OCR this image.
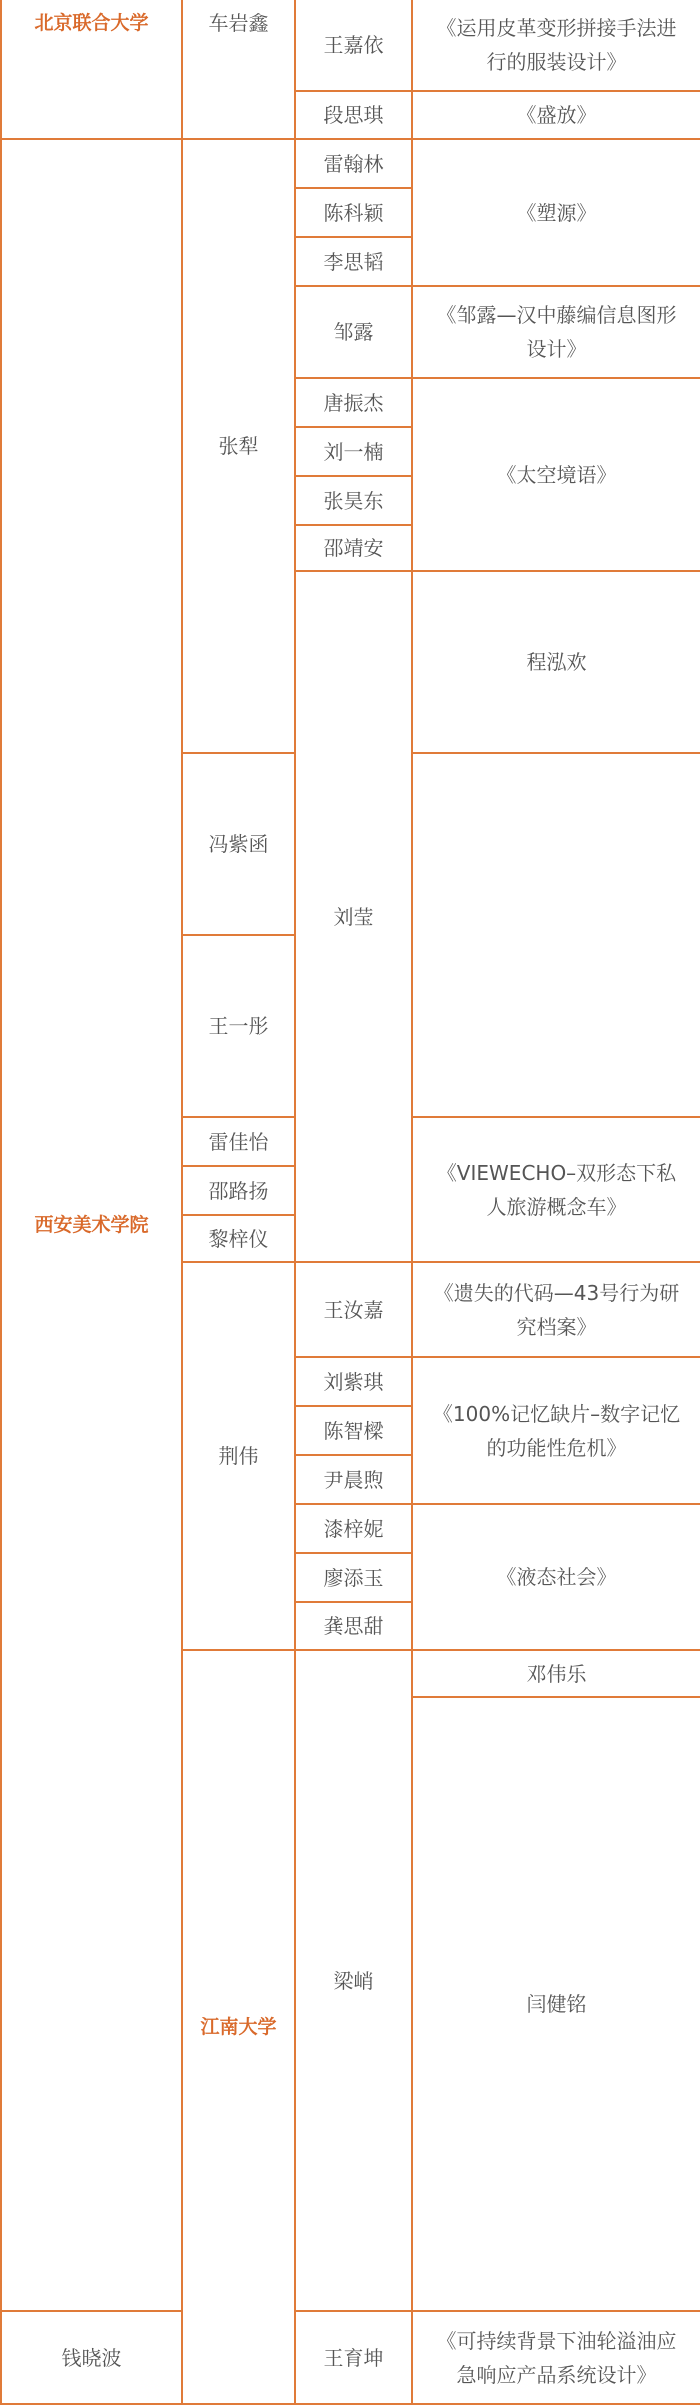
北京联合大学	车岩鑫	王嘉依	《运用皮革变形拼接手法进行的服装设计》	
		段思琪	《盛放》	
西安美术学院	张犁	雷翰林	《塑源》	
		陈科颖		
		李思韬		
		邹露	《邹露—汉中藤编信息图形设计》	
		唐振杰	《太空境语》	
		刘一楠		
		张昊东		
		邵靖安		
		刘莹	程泓欢	
	冯紫函			
	王一彤			
	雷佳怡		《VIEWECHO–双形态下私人旅游概念车》	
	邵路扬			
	黎梓仪			
	荆伟	王汝嘉	《遗失的代码—43号行为研究档案》	
		刘紫琪	《100%记忆缺片–数字记忆的功能性危机》	
		陈智樑		
		尹晨煦		
		漆梓妮	《液态社会》	
		廖添玉		
		龚思甜		
	江南大学	梁峭	邓伟乐	
			闫健铭	
钱晓波		王育坤	《可持续背景下油轮溢油应急响应产品系统设计》	
